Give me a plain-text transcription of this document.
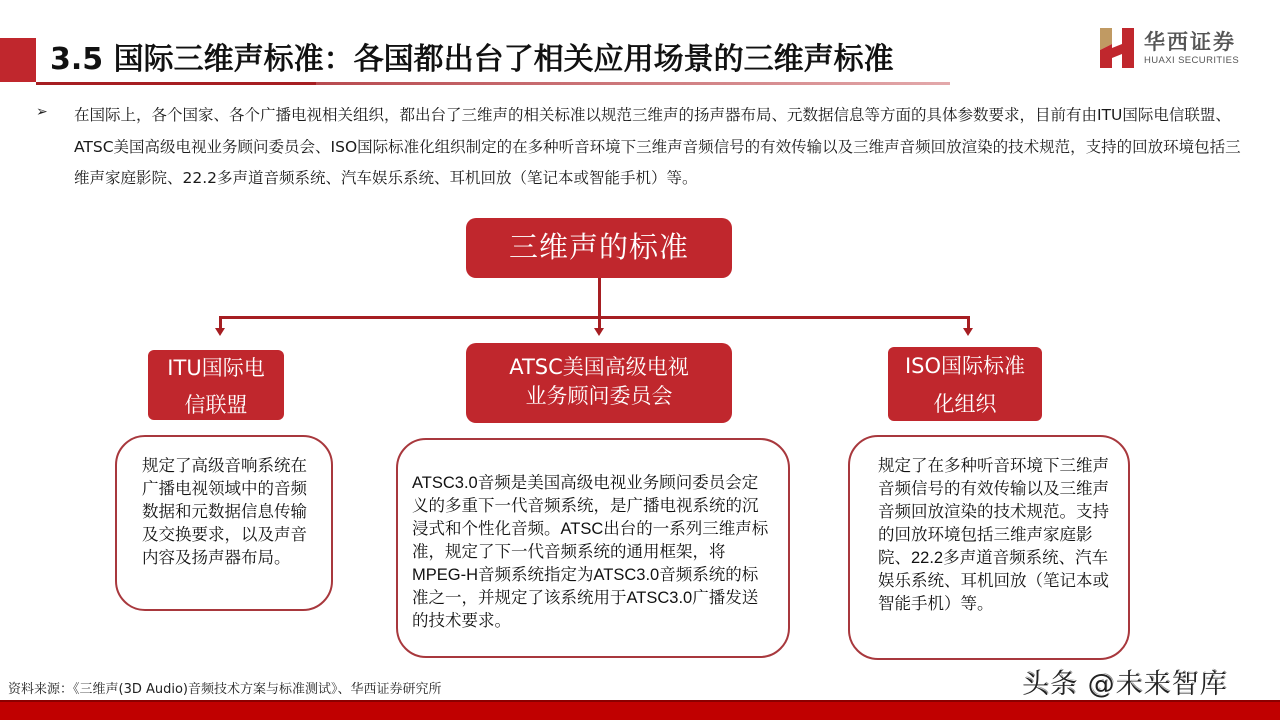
3.5 国际三维声标准：各国都出台了相关应用场景的三维声标准
华西证券
HUAXI SECURITIES
➢ 在国际上，各个国家、各个广播电视相关组织，都出台了三维声的相关标准以规范三维声的扬声器布局、元数据信息等方面的具体参数要求，目前有由ITU国际电信联盟、ATSC美国高级电视业务顾问委员会、ISO国际标准化组织制定的在多种听音环境下三维声音频信号的有效传输以及三维声音频回放渲染的技术规范，支持的回放环境包括三维声家庭影院、22.2多声道音频系统、汽车娱乐系统、耳机回放（笔记本或智能手机）等。
三维声的标准
ITU国际电
信联盟
ATSC美国高级电视
业务顾问委员会
ISO国际标准
化组织
规定了高级音响系统在广播电视领域中的音频数据和元数据信息传输及交换要求，以及声音内容及扬声器布局。
ATSC3.0音频是美国高级电视业务顾问委员会定义的多重下一代音频系统，是广播电视系统的沉浸式和个性化音频。ATSC出台的一系列三维声标准，规定了下一代音频系统的通用框架，将MPEG-H音频系统指定为ATSC3.0音频系统的标准之一，并规定了该系统用于ATSC3.0广播发送的技术要求。
规定了在多种听音环境下三维声音频信号的有效传输以及三维声音频回放渲染的技术规范。支持的回放环境包括三维声家庭影院、22.2多声道音频系统、汽车娱乐系统、耳机回放（笔记本或智能手机）等。
资料来源：《三维声(3D Audio)音频技术方案与标准测试》、华西证券研究所	头条 @未来智库
